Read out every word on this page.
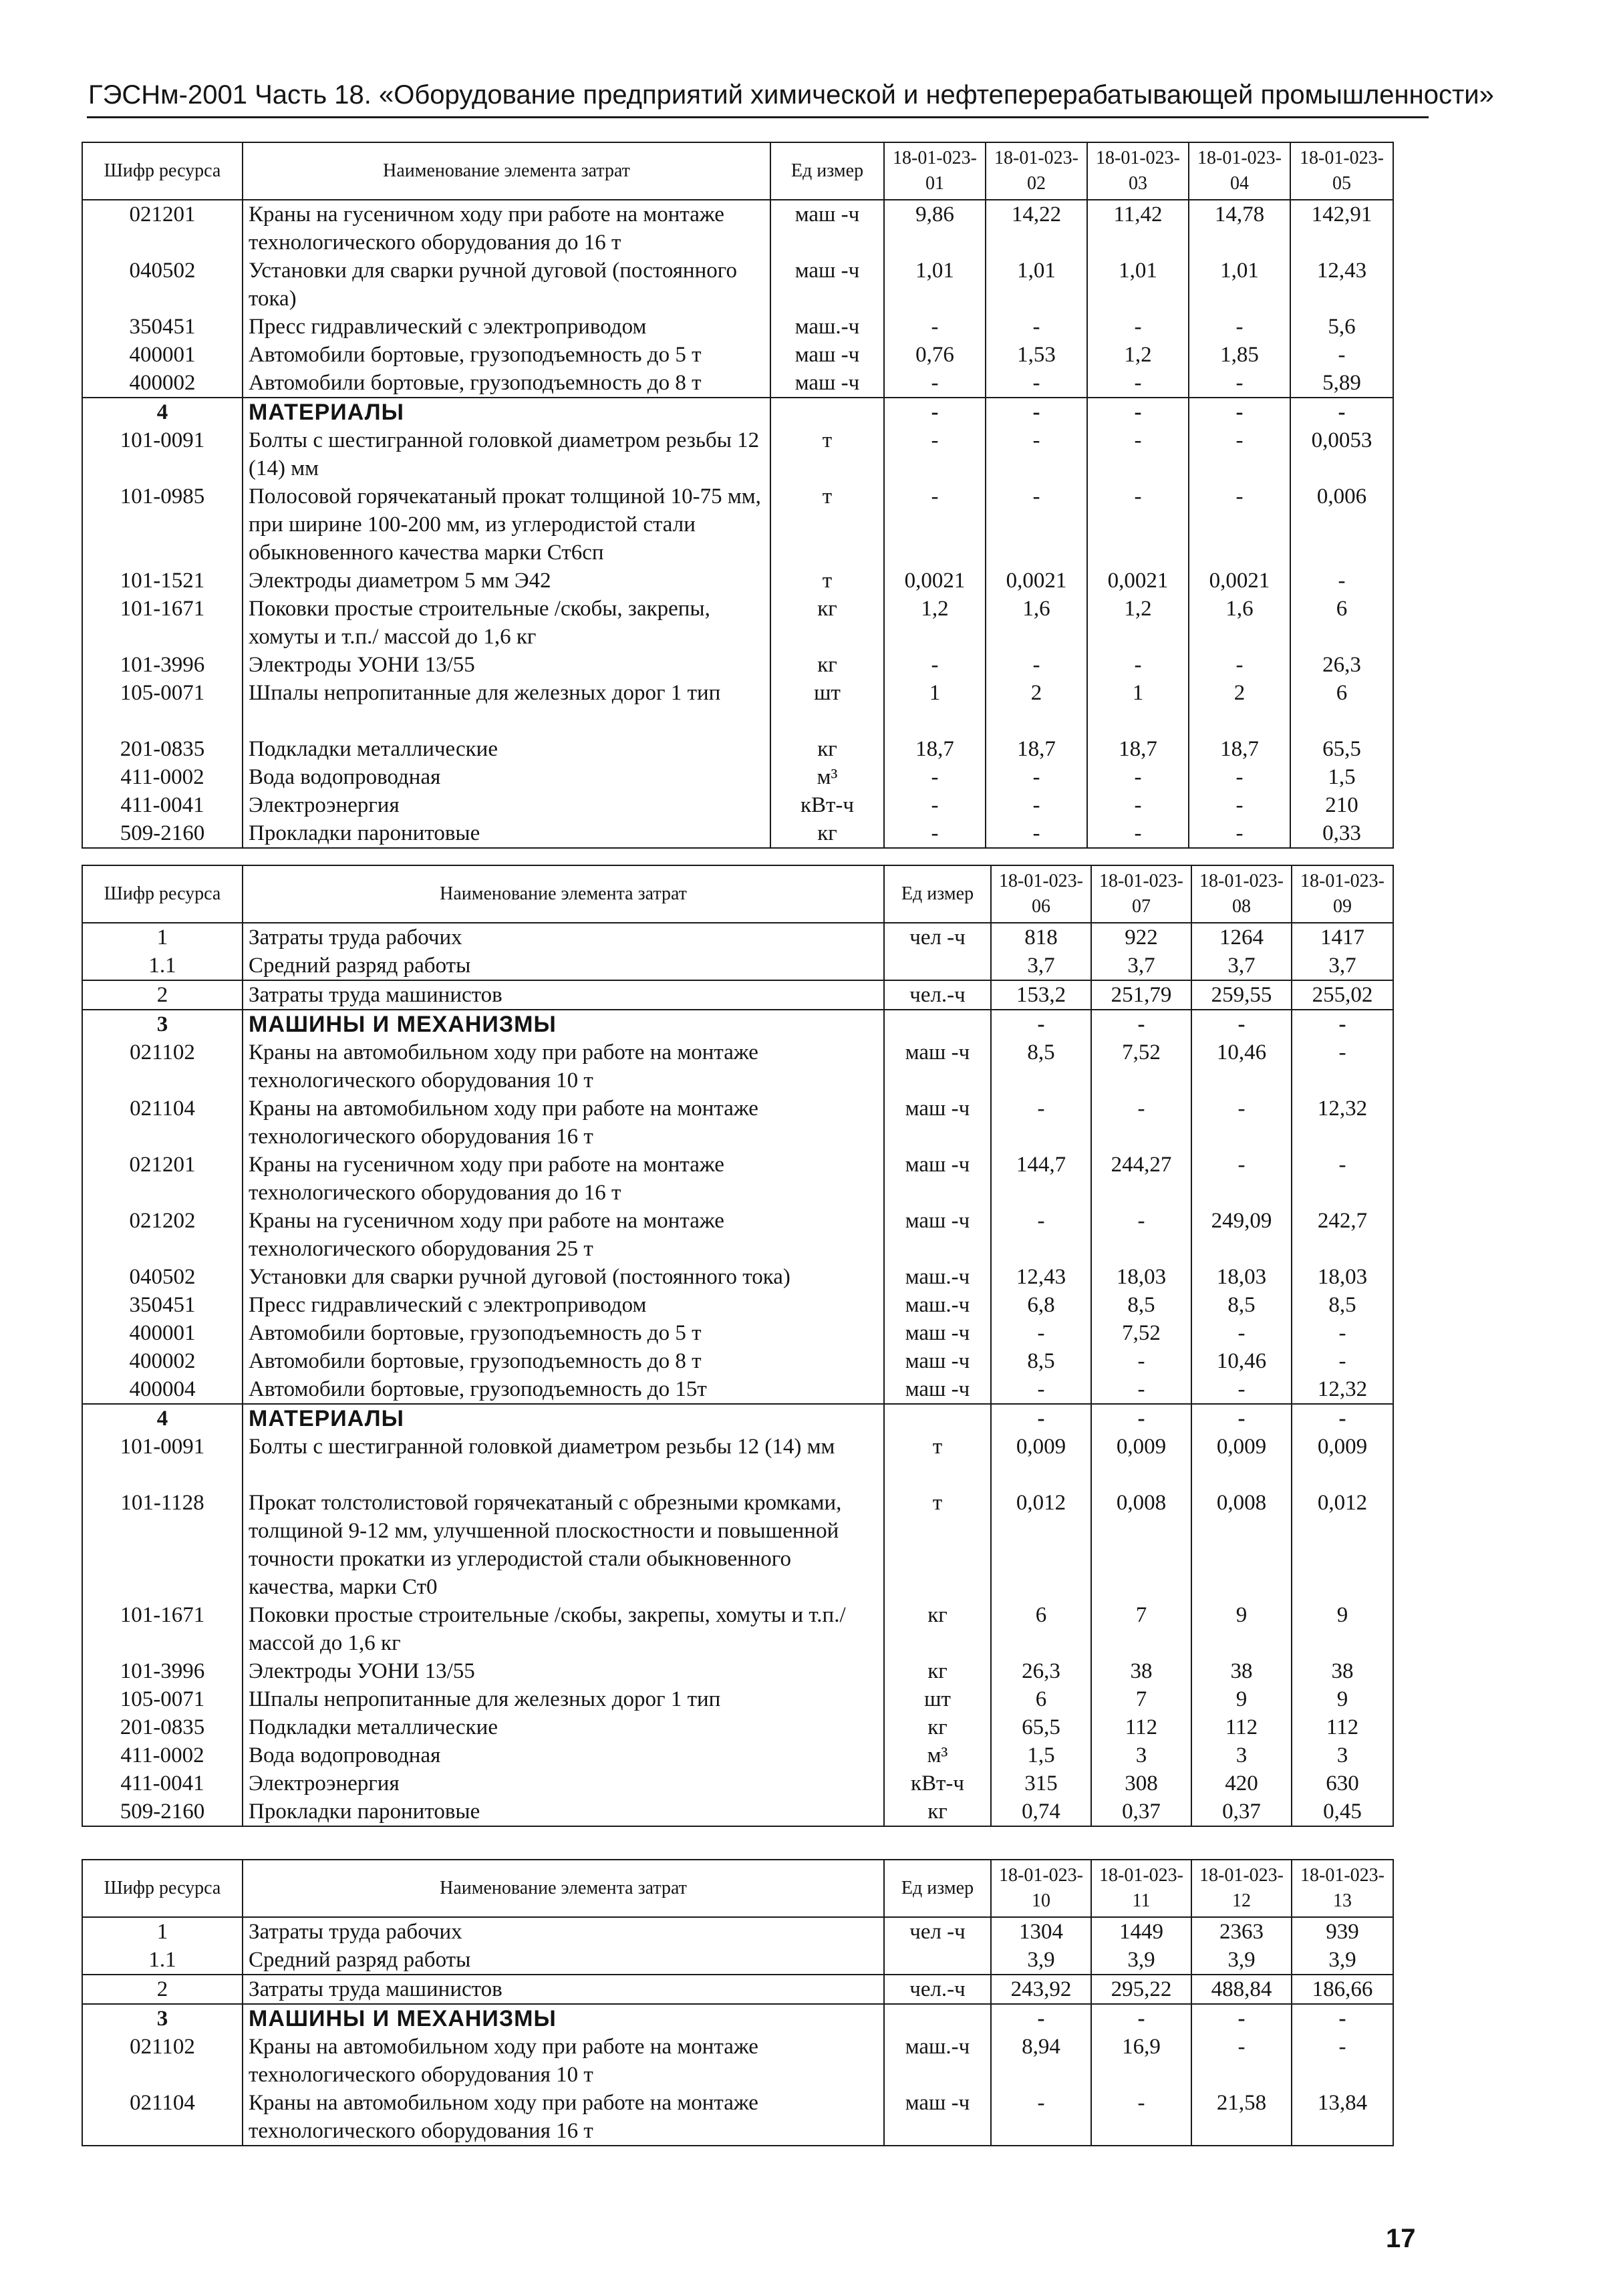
ГЭСНм-2001 Часть 18. «Оборудование предприятий химической и нефтеперерабатывающей промышленности»
Шифр ресурса	Наименование элемента затрат	Ед измер	18-01-023-01	18-01-023-02	18-01-023-03	18-01-023-04	18-01-023-05
021201	Краны на гусеничном ходу при работе на монтаже технологического оборудования до 16 т	маш -ч	9,86	14,22	11,42	14,78	142,91
040502	Установки для сварки ручной дуговой (постоянного тока)	маш -ч	1,01	1,01	1,01	1,01	12,43
350451	Пресс гидравлический с электроприводом	маш.-ч	-	-	-	-	5,6
400001	Автомобили бортовые, грузоподъемность до 5 т	маш -ч	0,76	1,53	1,2	1,85	-
400002	Автомобили бортовые, грузоподъемность до 8 т	маш -ч	-	-	-	-	5,89
4	МАТЕРИАЛЫ		-	-	-	-	-
101-0091	Болты с шестигранной головкой диаметром резьбы 12 (14) мм	т	-	-	-	-	0,0053
101-0985	Полосовой горячекатаный прокат толщиной 10-75 мм, при ширине 100-200 мм, из углеродистой стали обыкновенного качества марки Ст6сп	т	-	-	-	-	0,006
101-1521	Электроды диаметром 5 мм Э42	т	0,0021	0,0021	0,0021	0,0021	-
101-1671	Поковки простые строительные /скобы, закрепы, хомуты и т.п./ массой до 1,6 кг	кг	1,2	1,6	1,2	1,6	6
101-3996	Электроды УОНИ 13/55	кг	-	-	-	-	26,3
105-0071	Шпалы непропитанные для железных дорог 1 тип	шт	1	2	1	2	6
201-0835	Подкладки металлические	кг	18,7	18,7	18,7	18,7	65,5
411-0002	Вода водопроводная	м³	-	-	-	-	1,5
411-0041	Электроэнергия	кВт-ч	-	-	-	-	210
509-2160	Прокладки паронитовые	кг	-	-	-	-	0,33
Шифр ресурса	Наименование элемента затрат	Ед измер	18-01-023-06	18-01-023-07	18-01-023-08	18-01-023-09
1	Затраты труда рабочих	чел -ч	818	922	1264	1417
1.1	Средний разряд работы		3,7	3,7	3,7	3,7
2	Затраты труда машинистов	чел.-ч	153,2	251,79	259,55	255,02
3	МАШИНЫ И МЕХАНИЗМЫ		-	-	-	-
021102	Краны на автомобильном ходу при работе на монтаже технологического оборудования 10 т	маш -ч	8,5	7,52	10,46	-
021104	Краны на автомобильном ходу при работе на монтаже технологического оборудования 16 т	маш -ч	-	-	-	12,32
021201	Краны на гусеничном ходу при работе на монтаже технологического оборудования до 16 т	маш -ч	144,7	244,27	-	-
021202	Краны на гусеничном ходу при работе на монтаже технологического оборудования 25 т	маш -ч	-	-	249,09	242,7
040502	Установки для сварки ручной дуговой (постоянного тока)	маш.-ч	12,43	18,03	18,03	18,03
350451	Пресс гидравлический с электроприводом	маш.-ч	6,8	8,5	8,5	8,5
400001	Автомобили бортовые, грузоподъемность до 5 т	маш -ч	-	7,52	-	-
400002	Автомобили бортовые, грузоподъемность до 8 т	маш -ч	8,5	-	10,46	-
400004	Автомобили бортовые, грузоподъемность до 15т	маш -ч	-	-	-	12,32
4	МАТЕРИАЛЫ		-	-	-	-
101-0091	Болты с шестигранной головкой диаметром резьбы 12 (14) мм	т	0,009	0,009	0,009	0,009
101-1128	Прокат толстолистовой горячекатаный с обрезными кромками, толщиной 9-12 мм, улучшенной плоскостности и повышенной точности прокатки из углеродистой стали обыкновенного качества, марки Ст0	т	0,012	0,008	0,008	0,012
101-1671	Поковки простые строительные /скобы, закрепы, хомуты и т.п./ массой до 1,6 кг	кг	6	7	9	9
101-3996	Электроды УОНИ 13/55	кг	26,3	38	38	38
105-0071	Шпалы непропитанные для железных дорог 1 тип	шт	6	7	9	9
201-0835	Подкладки металлические	кг	65,5	112	112	112
411-0002	Вода водопроводная	м³	1,5	3	3	3
411-0041	Электроэнергия	кВт-ч	315	308	420	630
509-2160	Прокладки паронитовые	кг	0,74	0,37	0,37	0,45
Шифр ресурса	Наименование элемента затрат	Ед измер	18-01-023-10	18-01-023-11	18-01-023-12	18-01-023-13
1	Затраты труда рабочих	чел -ч	1304	1449	2363	939
1.1	Средний разряд работы		3,9	3,9	3,9	3,9
2	Затраты труда машинистов	чел.-ч	243,92	295,22	488,84	186,66
3	МАШИНЫ И МЕХАНИЗМЫ		-	-	-	-
021102	Краны на автомобильном ходу при работе на монтаже технологического оборудования 10 т	маш.-ч	8,94	16,9	-	-
021104	Краны на автомобильном ходу при работе на монтаже технологического оборудования 16 т	маш -ч	-	-	21,58	13,84
17
